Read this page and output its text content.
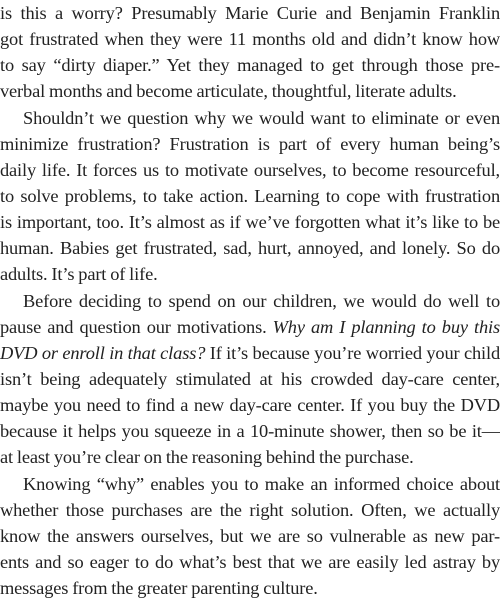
is this a worry? Presumably Marie Curie and Benjamin Franklin
got frustrated when they were 11 months old and didn’t know how
to say “dirty diaper.” Yet they managed to get through those pre-
verbal months and become articulate, thoughtful, literate adults.
Shouldn’t we question why we would want to eliminate or even
minimize frustration? Frustration is part of every human being’s
daily life. It forces us to motivate ourselves, to become resourceful,
to solve problems, to take action. Learning to cope with frustration
is important, too. It’s almost as if we’ve forgotten what it’s like to be
human. Babies get frustrated, sad, hurt, annoyed, and lonely. So do
adults. It’s part of life.
Before deciding to spend on our children, we would do well to
pause and question our motivations. Why am I planning to buy this
DVD or enroll in that class? If it’s because you’re worried your child
isn’t being adequately stimulated at his crowded day-care center,
maybe you need to find a new day-care center. If you buy the DVD
because it helps you squeeze in a 10-minute shower, then so be it—
at least you’re clear on the reasoning behind the purchase.
Knowing “why” enables you to make an informed choice about
whether those purchases are the right solution. Often, we actually
know the answers ourselves, but we are so vulnerable as new par-
ents and so eager to do what’s best that we are easily led astray by
messages from the greater parenting culture.
